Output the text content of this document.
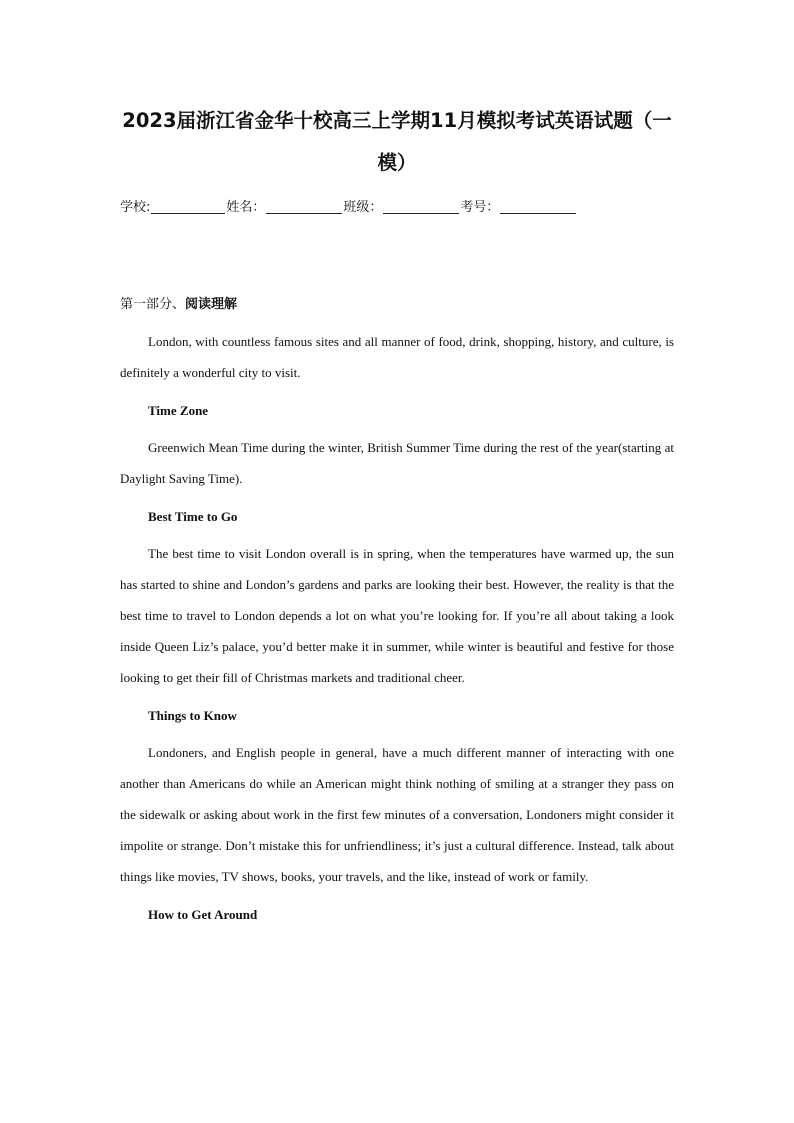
2023届浙江省金华十校高三上学期11月模拟考试英语试题（一模）
学校:	姓名：	班级：	考号：
第一部分、阅读理解

London, with countless famous sites and all manner of food, drink, shopping, history, and culture, is definitely a wonderful city to visit.

Time Zone

Greenwich Mean Time during the winter, British Summer Time during the rest of the year(starting at Daylight Saving Time).

Best Time to Go

The best time to visit London overall is in spring, when the temperatures have warmed up, the sun has started to shine and London’s gardens and parks are looking their best. However, the reality is that the best time to travel to London depends a lot on what you’re looking for. If you’re all about taking a look inside Queen Liz’s palace, you’d better make it in summer, while winter is beautiful and festive for those looking to get their fill of Christmas markets and traditional cheer.

Things to Know

Londoners, and English people in general, have a much different manner of interacting with one another than Americans do while an American might think nothing of smiling at a stranger they pass on the sidewalk or asking about work in the first few minutes of a conversation, Londoners might consider it impolite or strange. Don’t mistake this for unfriendliness; it’s just a cultural difference. Instead, talk about things like movies, TV shows, books, your travels, and the like, instead of work or family.

How to Get Around
